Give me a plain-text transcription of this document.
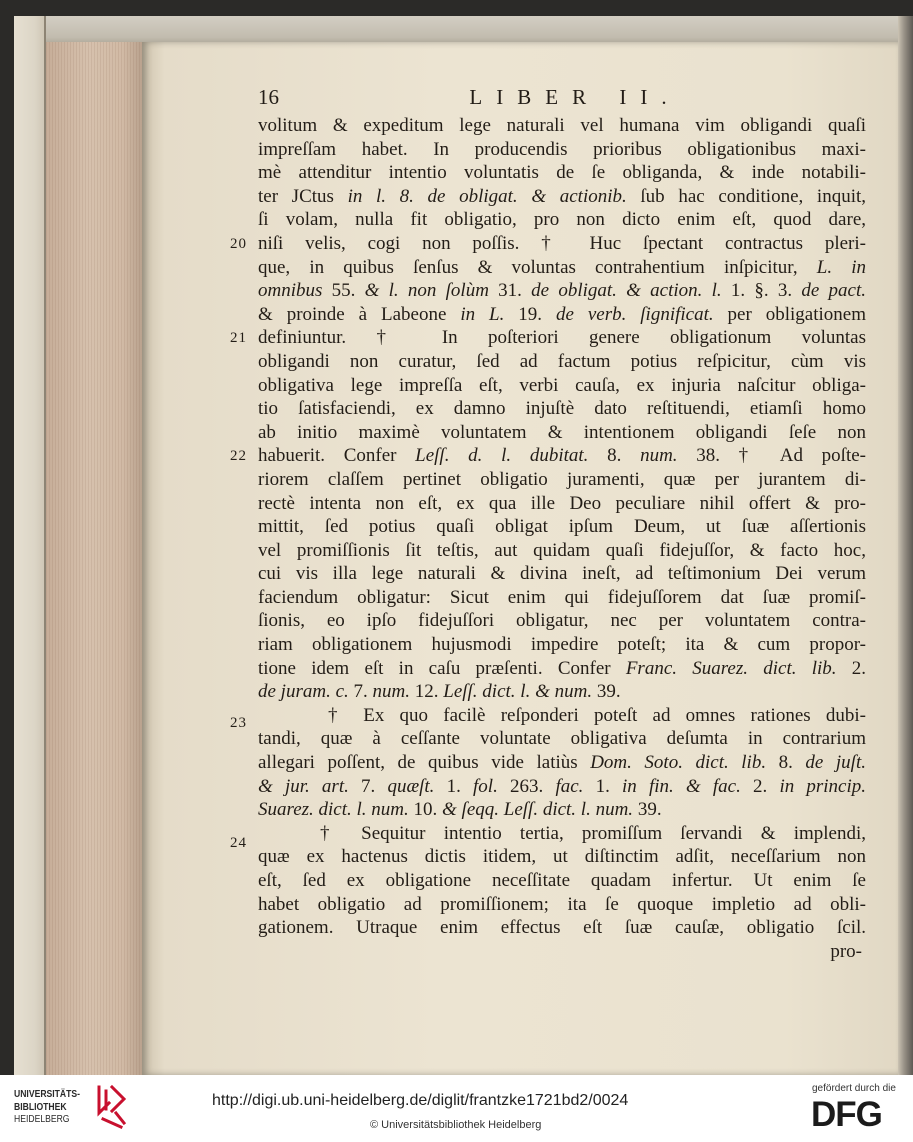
16	LIBER II.
volitum & expeditum lege naturali vel humana vim obligandi quaſi
impreſſam habet. In producendis prioribus obligationibus maxi-
mè attenditur intentio voluntatis de ſe obliganda, & inde notabili-
ter JCtus in l. 8. de obligat. & actionib. ſub hac conditione, inquit,
ſi volam, nulla fit obligatio, pro non dicto enim eſt, quod dare,
20 niſi velis, cogi non poſſis. † Huc ſpectant contractus pleri-
que, in quibus ſenſus & voluntas contrahentium inſpicitur, L. in
omnibus 55. & l. non ſolùm 31. de obligat. & action. l. 1. §. 3. de pact.
& proinde à Labeone in L. 19. de verb. ſignificat. per obligationem
21 definiuntur. † In poſteriori genere obligationum voluntas
obligandi non curatur, ſed ad factum potius reſpicitur, cùm vis
obligativa lege impreſſa eſt, verbi cauſa, ex injuria naſcitur obliga-
tio ſatisfaciendi, ex damno injuſtè dato reſtituendi, etiamſi homo
ab initio maximè voluntatem & intentionem obligandi ſeſe non
22 habuerit. Confer Leſſ. d. l. dubitat. 8. num. 38. † Ad poſte-
riorem claſſem pertinet obligatio juramenti, quæ per jurantem di-
rectè intenta non eſt, ex qua ille Deo peculiare nihil offert & pro-
mittit, ſed potius quaſi obligat ipſum Deum, ut ſuæ aſſertionis
vel promiſſionis ſit teſtis, aut quidam quaſi fidejuſſor, & facto hoc,
cui vis illa lege naturali & divina ineſt, ad teſtimonium Dei verum
faciendum obligatur: Sicut enim qui fidejuſſorem dat ſuæ promiſ-
ſionis, eo ipſo fidejuſſori obligatur, nec per voluntatem contra-
riam obligationem hujusmodi impedire poteſt; ita & cum propor-
tione idem eſt in caſu præſenti. Confer Franc. Suarez. dict. lib. 2.
de juram. c. 7. num. 12. Leſſ. dict. l. & num. 39.
23	† Ex quo facilè reſponderi poteſt ad omnes rationes dubi-
tandi, quæ à ceſſante voluntate obligativa deſumta in contrarium
allegari poſſent, de quibus vide latiùs Dom. Soto. dict. lib. 8. de juſt.
& jur. art. 7. quæſt. 1. fol. 263. fac. 1. in fin. & fac. 2. in princip.
Suarez. dict. l. num. 10. & ſeqq. Leſſ. dict. l. num. 39.
24	† Sequitur intentio tertia, promiſſum ſervandi & implendi,
quæ ex hactenus dictis itidem, ut diſtinctim adſit, neceſſarium non
eſt, ſed ex obligatione neceſſitate quadam infertur. Ut enim ſe
habet obligatio ad promiſſionem; ita ſe quoque impletio ad obli-
gationem. Utraque enim effectus eſt ſuæ cauſæ, obligatio ſcil.
pro-
UNIVERSITÄTS-
BIBLIOTHEK
HEIDELBERG
http://digi.ub.uni-heidelberg.de/diglit/frantzke1721bd2/0024
© Universitätsbibliothek Heidelberg
gefördert durch die
DFG
